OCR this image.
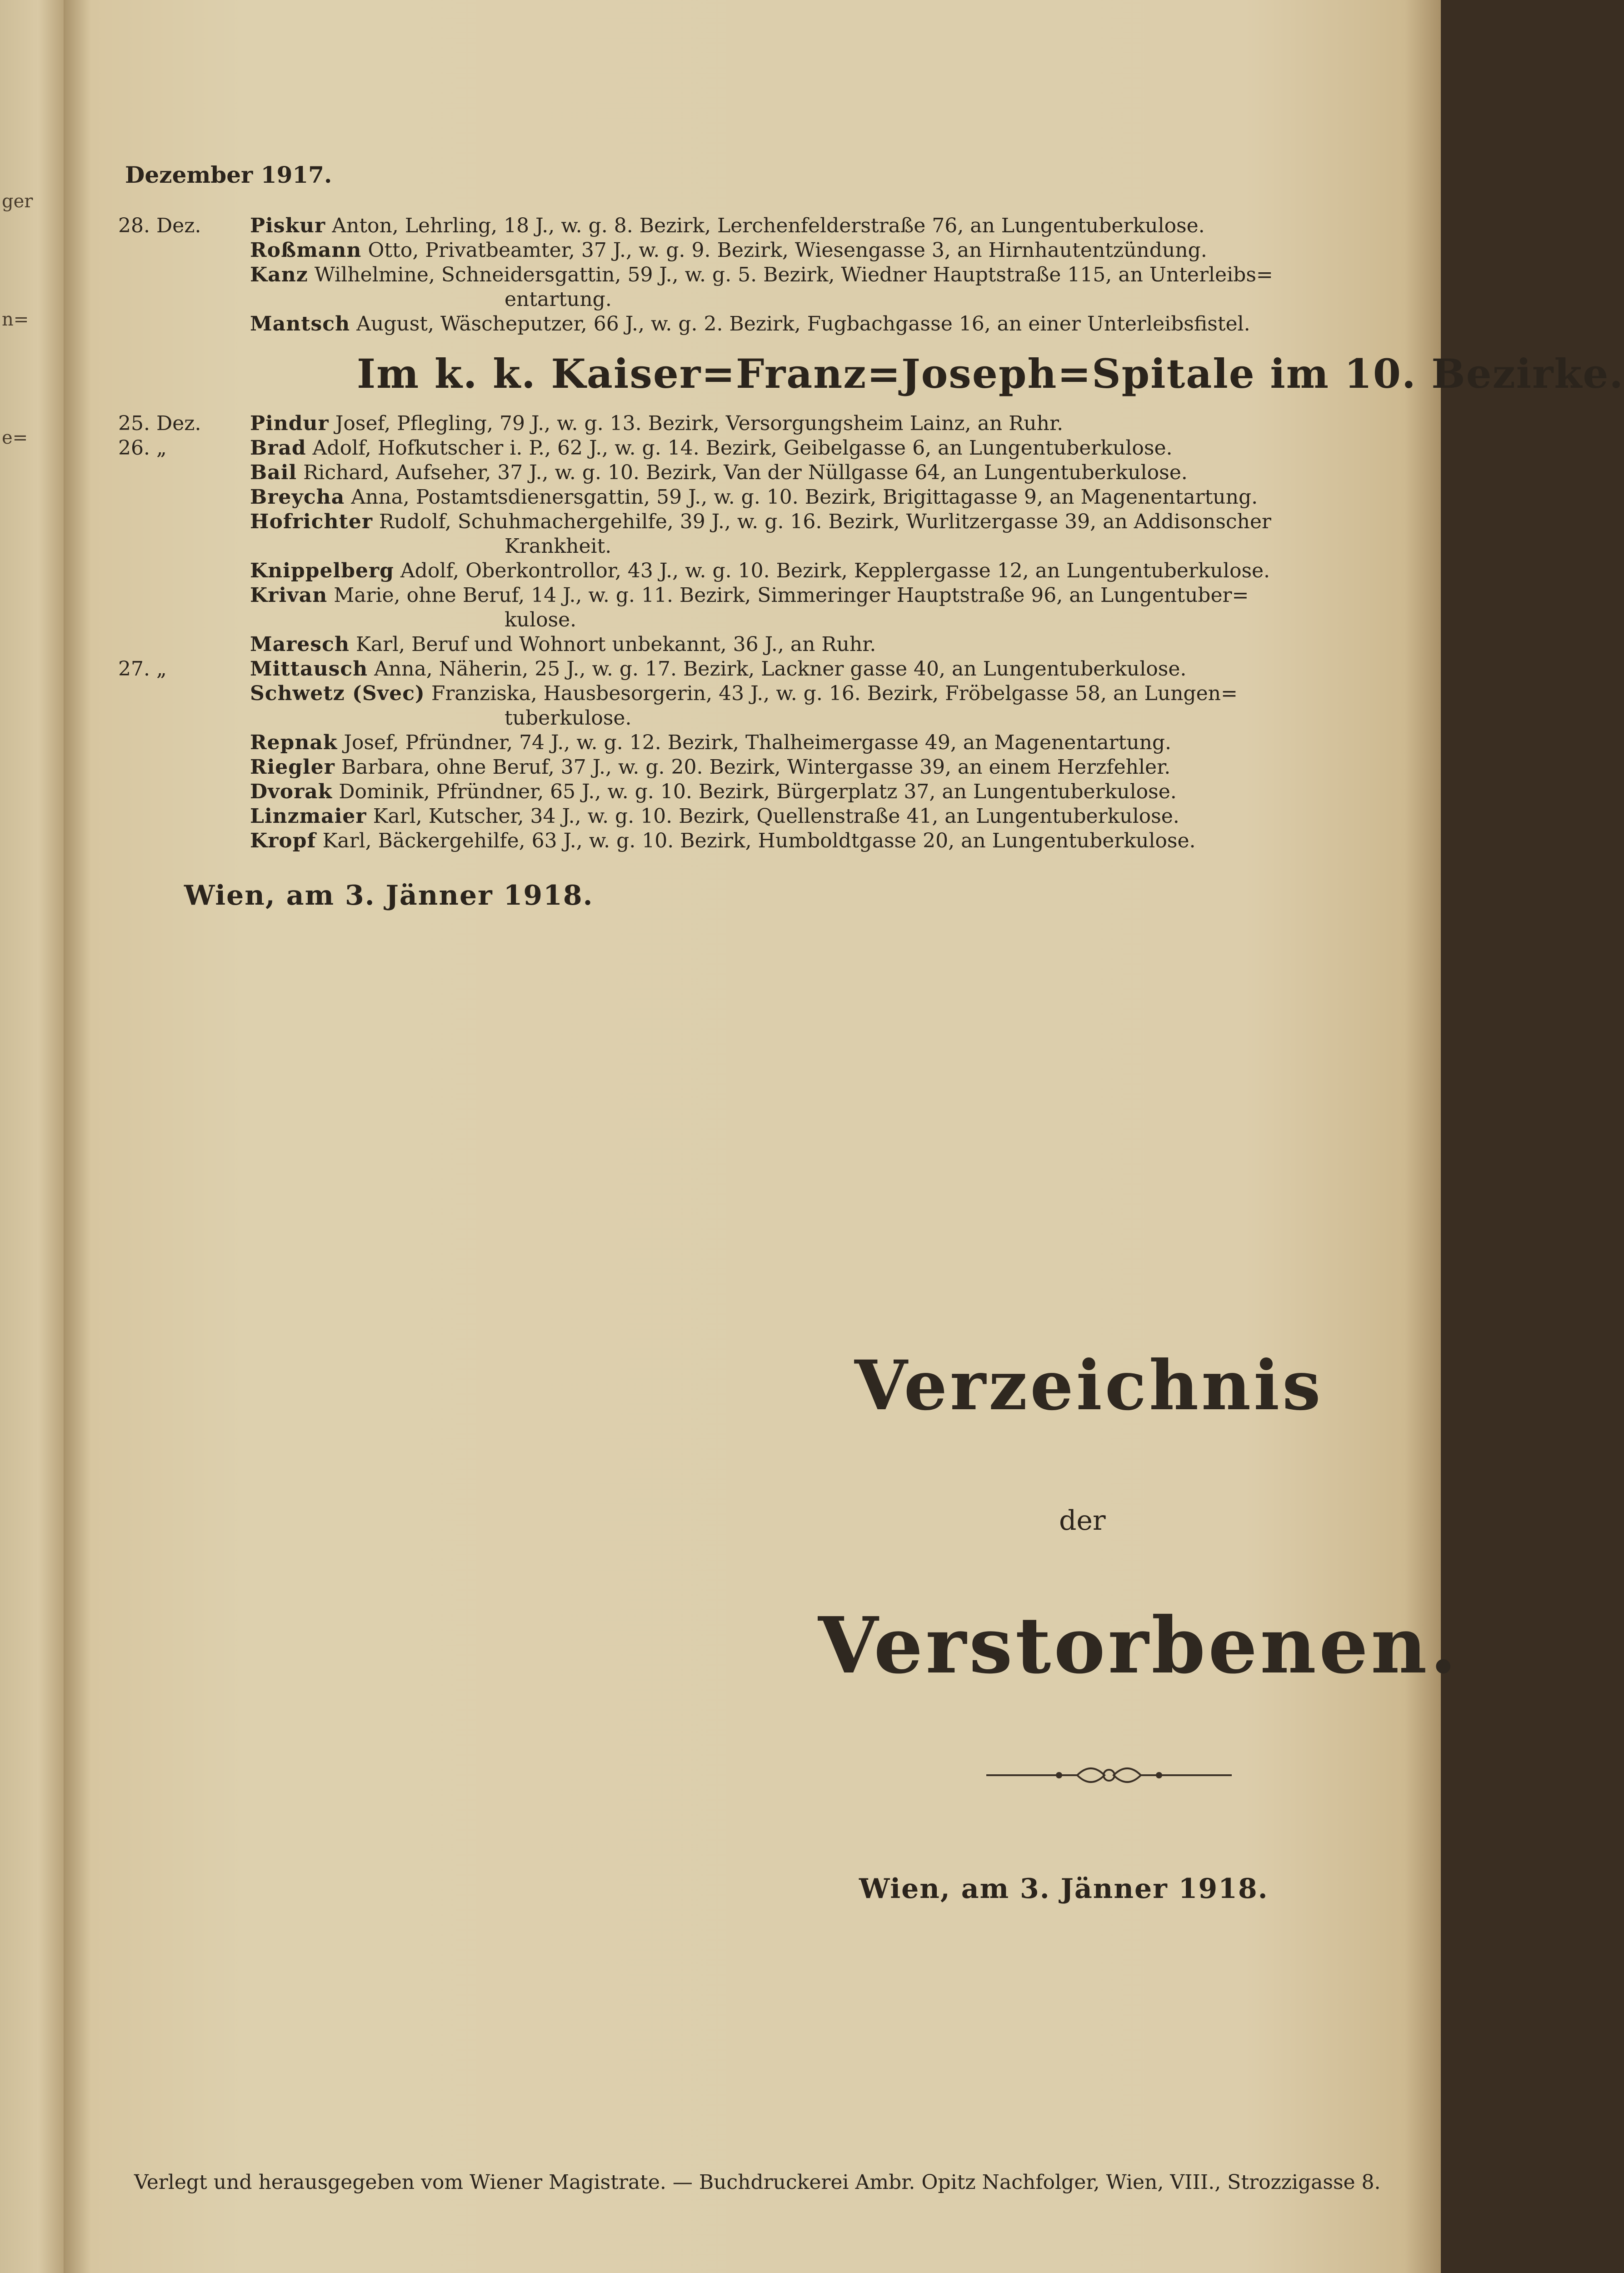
ger
n=
e=
Dezember 1917.
28. Dez. Piskur Anton, Lehrling, 18 J., w. g. 8. Bezirk, Lerchenfelderstraße 76, an Lungentuberkulose.
Roßmann Otto, Privatbeamter, 37 J., w. g. 9. Bezirk, Wiesengasse 3, an Hirnhautentzündung.
Kanz Wilhelmine, Schneidersgattin, 59 J., w. g. 5. Bezirk, Wiedner Hauptstraße 115, an Unterleibs=
entartung.
Mantsch August, Wäscheputzer, 66 J., w. g. 2. Bezirk, Fugbachgasse 16, an einer Unterleibsfistel.
Im k. k. Kaiser=Franz=Joseph=Spitale im 10. Bezirke.
25. Dez. Pindur Josef, Pflegling, 79 J., w. g. 13. Bezirk, Versorgungsheim Lainz, an Ruhr.
26. „	Brad Adolf, Hofkutscher i. P., 62 J., w. g. 14. Bezirk, Geibelgasse 6, an Lungentuberkulose.
Bail Richard, Aufseher, 37 J., w. g. 10. Bezirk, Van der Nüllgasse 64, an Lungentuberkulose.
Breycha Anna, Postamtsdienersgattin, 59 J., w. g. 10. Bezirk, Brigittagasse 9, an Magenentartung.
Hofrichter Rudolf, Schuhmachergehilfe, 39 J., w. g. 16. Bezirk, Wurlitzergasse 39, an Addisonscher
Krankheit.
Knippelberg Adolf, Oberkontrollor, 43 J., w. g. 10. Bezirk, Kepplergasse 12, an Lungentuberkulose.
Krivan Marie, ohne Beruf, 14 J., w. g. 11. Bezirk, Simmeringer Hauptstraße 96, an Lungentuber=
kulose.
Maresch Karl, Beruf und Wohnort unbekannt, 36 J., an Ruhr.
27. „	Mittausch Anna, Näherin, 25 J., w. g. 17. Bezirk, Lackner gasse 40, an Lungentuberkulose.
Schwetz (Svec) Franziska, Hausbesorgerin, 43 J., w. g. 16. Bezirk, Fröbelgasse 58, an Lungen=
tuberkulose.
Repnak Josef, Pfründner, 74 J., w. g. 12. Bezirk, Thalheimergasse 49, an Magenentartung.
Riegler Barbara, ohne Beruf, 37 J., w. g. 20. Bezirk, Wintergasse 39, an einem Herzfehler.
Dvorak Dominik, Pfründner, 65 J., w. g. 10. Bezirk, Bürgerplatz 37, an Lungentuberkulose.
Linzmaier Karl, Kutscher, 34 J., w. g. 10. Bezirk, Quellenstraße 41, an Lungentuberkulose.
Kropf Karl, Bäckergehilfe, 63 J., w. g. 10. Bezirk, Humboldtgasse 20, an Lungentuberkulose.
Wien, am 3. Jänner 1918.
Verzeichnis
der
Verstorbenen.
Wien, am 3. Jänner 1918.
Verlegt und herausgegeben vom Wiener Magistrate. — Buchdruckerei Ambr. Opitz Nachfolger, Wien, VIII., Strozzigasse 8.
